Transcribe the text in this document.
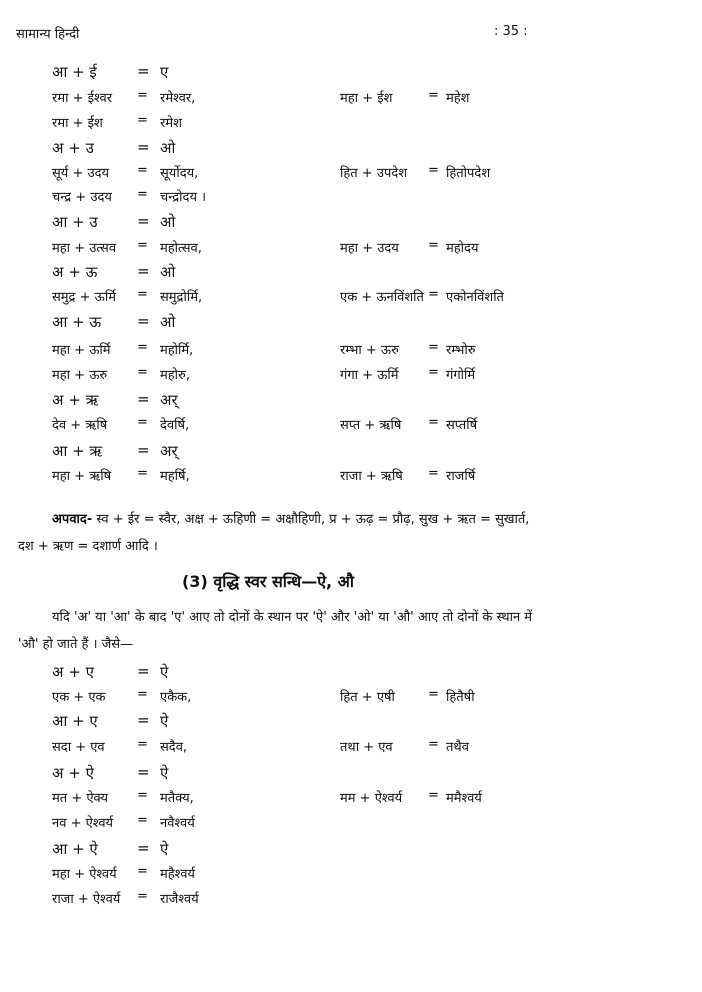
सामान्य हिन्दी	: 35 :
आ + ई	= ए
रमा + ईश्वर = रमेश्वर,	महा + ईश	= महेश
रमा + ईश	= रमेश
अ + उ	= ओ
सूर्य + उदय = सूर्योदय,	हित + उपदेश = हितोपदेश
चन्द्र + उदय = चन्द्रोदय ।
आ + उ	= ओ
महा + उत्सव = महोत्सव,	महा + उदय = महोदय
अ + ऊ	= ओ
समुद्र + ऊर्मि = समुद्रोर्मि,	एक + ऊनविंशति = एकोनविंशति
आ + ऊ = ओ
महा + ऊर्मि = महोर्मि,	रम्भा + ऊरु = रम्भोरु
महा + ऊरु = महोरु,	गंगा + ऊर्मि = गंगोर्मि
अ + ऋ	= अर्
देव + ऋषि = देवर्षि,	सप्त + ऋषि = सप्तर्षि
आ + ऋ = अर्
महा + ऋषि = महर्षि,	राजा + ऋषि = राजर्षि
अपवाद- स्व + ईर = स्वैर, अक्ष + ऊहिणी = अक्षौहिणी, प्र + ऊढ़ = प्रौढ़, सुख + ऋत = सुखार्त, दश + ऋण = दशार्ण आदि ।
(3) वृद्धि स्वर सन्धि—ऐ, औ
यदि 'अ' या 'आ' के बाद 'ए' आए तो दोनों के स्थान पर 'ऐ' और 'ओ' या 'औ' आए तो दोनों के स्थान में 'औ' हो जाते हैं । जैसे—
अ + ए	= ऐ
एक + एक = एकैक,	हित + एषी	= हितैषी
आ + ए	= ऐ
सदा + एव = सदैव,	तथा + एव	= तथैव
अ + ऐ	= ऐ
मत + ऐक्य = मतैक्य,	मम + ऐश्वर्य = ममैश्वर्य
नव + ऐश्वर्य = नवैश्वर्य
आ + ऐ	= ऐ
महा + ऐश्वर्य = महैश्वर्य
राजा + ऐश्वर्य = राजैश्वर्य
